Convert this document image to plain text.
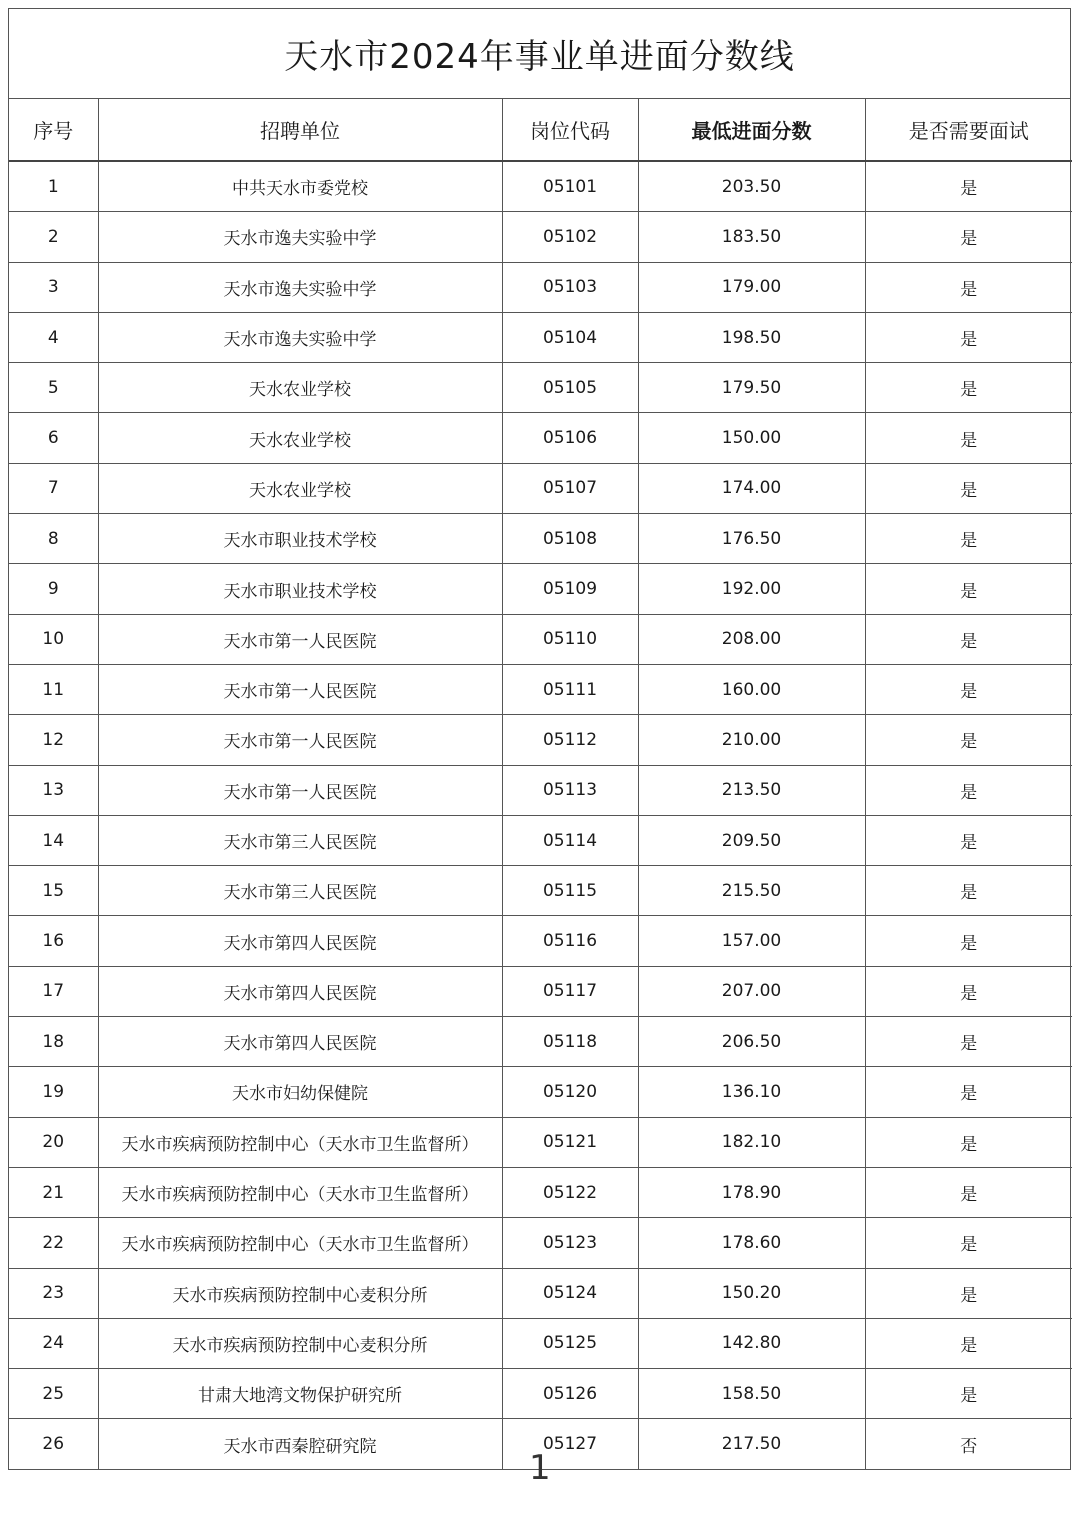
天水市2024年事业单进面分数线
序号	招聘单位	岗位代码	最低进面分数	是否需要面试
1	中共天水市委党校	05101	203.50	是
2	天水市逸夫实验中学	05102	183.50	是
3	天水市逸夫实验中学	05103	179.00	是
4	天水市逸夫实验中学	05104	198.50	是
5	天水农业学校	05105	179.50	是
6	天水农业学校	05106	150.00	是
7	天水农业学校	05107	174.00	是
8	天水市职业技术学校	05108	176.50	是
9	天水市职业技术学校	05109	192.00	是
10	天水市第一人民医院	05110	208.00	是
11	天水市第一人民医院	05111	160.00	是
12	天水市第一人民医院	05112	210.00	是
13	天水市第一人民医院	05113	213.50	是
14	天水市第三人民医院	05114	209.50	是
15	天水市第三人民医院	05115	215.50	是
16	天水市第四人民医院	05116	157.00	是
17	天水市第四人民医院	05117	207.00	是
18	天水市第四人民医院	05118	206.50	是
19	天水市妇幼保健院	05120	136.10	是
20	天水市疾病预防控制中心（天水市卫生监督所）	05121	182.10	是
21	天水市疾病预防控制中心（天水市卫生监督所）	05122	178.90	是
22	天水市疾病预防控制中心（天水市卫生监督所）	05123	178.60	是
23	天水市疾病预防控制中心麦积分所	05124	150.20	是
24	天水市疾病预防控制中心麦积分所	05125	142.80	是
25	甘肃大地湾文物保护研究所	05126	158.50	是
26	天水市西秦腔研究院	05127	217.50	否
1
